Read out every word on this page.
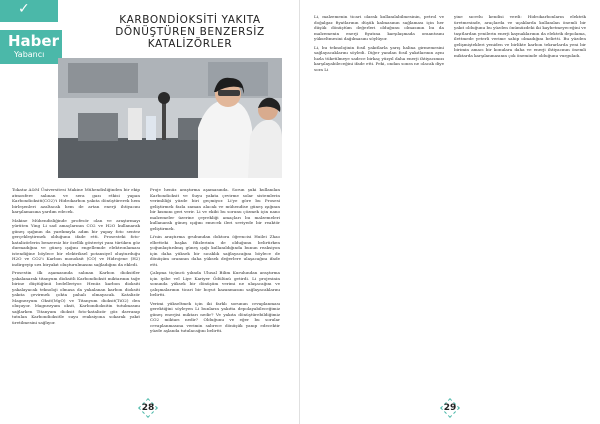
✓
Haber
Yabancı
KARBONDİOKSİTİ YAKITA
DÖNÜŞTÜREN BENZERSİZ
KATALİZÖRLER

Tokatız A&M Üniversitesi Makine Mühendisliğinden bir ekip atmosfere salınan ve sera gazı etkisi yapan Karbondioksiti(CO2)'i Hidrokarbon yakıta dönüştürerek hem birleşenleri azaltacak hem de artan enerji ihtiyacını karşılamasına yardım edecek.

Makine Mühendisliğinde profesör olan ve araştırmayı yürüten Ying Li sad amaçlarının CO2 ve H2O kullanarak güneş ışığının da yardımıyla adım bir yapay foto sentez gerçekleştirmek olduğunu ifade etti. Prosesteki foto-katalizörlerin benzersiz bir özellik gösteriyi yanı türüken göz durmadığını ve güneş ışığını engellemde elektronlaması istendiğine böylece bir elektriksel potansiyel oluşturduğu H2O ve CO2'i Karbon monoksit (CO) ve Hidrojene (H2) indirgeyip sıvı biryakıt oluşturulmasını sağladığını da ekledi.

Prosestin ilk aşamasında salınan Karbon dioksitler yakalanarak titanyum dioksitli Karbondioksit miktarının tağe birine düştüğünü bedelleriyor. Henüz karbon dioksiti yakalayacak teknoloji olmasa da yakalanan karbon dioksiti yakıta çevirmek çokta pahalı olmayacak. Katalizör Magnezyum Oksit(MgO) ve Titanyum dioksit(TiO2) den oluşuyor. Magnezyum oksit, Karbondioksitin tutulmasını sağlarken Titanyum dioksit foto-katalizör göz davranıp tutulan Karbondioksitle suyu reaksiyona sokarak yakıt üretilmesini sağlıyor.

Proje henüz araştırma aşamasında. Sorun şuki kullanılan Karbondioksit ve Suyu yakıta çevirme solar sistemlerin verimliliği yüzde biri geçmiyor. Li'ye göre bu Prosesi geliştirmek fazla zaman alacak ve mühendise güneş ışığının bir kısmını geri verir. Li ve ekibi bu sorunu çözmek için nano malzemeler üzerine çeyrekliği amaçları bu malzemeleri kullanarak güneş ışığını emecek ileri seviyede bir reaktör geliştirmek.

Li'nin araştırma grubundan doktora öğrencisi Huilei Zhao elbetteki başka filizlerinin de olduğunu belirtirken yoğunlaştırılmış güneş ışığı kullanıldığında bunun reaksiyon için daha yüksek bir sıcaklık sağlayacağını böylece de dönüşüm oranının daha yüksek değerlere ulaşacağını ifade etti.

Çalışma tiçüncü yılında Ulusal Bilim Kurulundan araştırma için iyibe vel Liye Kariyer Ödülünü getirdi. Li projesinin sonunda yüksek bir dönüşüm verimi ne ulaşacağını ve çalışmalarının ticari bir boyut kazanmasını sağlayacaklarını belirtti.

Verimi yükseltmek için iki farklı sorunun cevaplanması gerektiğini söyleyen Li bunların yakıtta depolayabileceğimiz güneş enerjisi miktarı nedir? Ve yakıta dönüştürebildiğimiz CO2 miktarı nedir? Olduğunu ve eğer bu sorular cevaplanmasına verimin sabrece dönüşük yanıp edecektir yüzde aşlanda tutulacağını belirtti.

28

Li, malzemenin ticari olarak kullanılabilmesinin, petrol ve doğalgaz fiyatlarının düşük kalmasının sağlaması için her düşük dönüştüm değerleri olduğunu olmasının bu da malzemenin enerji fiyatına karşılaşmada oraantısını yükseltmesini dağılmasını söylüyor.

Li, bu teknolojinin fosil yakıtlarla yarış halina girmemesini sağlayacaklarını söyledi. Diğer yandan fosil yakıtlarının aynı hızla tüketilmeye sadece birkaç yüzyıl daha enerji ihtiyacımızı karşılayabileceğini ifade etti. Peki, ondan sonra ne olacak diye sora Li

yine sıcrelu kendisi verdi: Hidrokarbonların elektrik üretmesinde, araçlarda ve uçaklarda kullanılan önemli bir yakıt olduğunu bu yüzden önümüzdeki iki kaybetmeyeceğini ve taşıtlardan yenilerin enerji kaynaklarının da elektrik depolama, ilettmede yeterli verime sahip olmadığını belirtti. Bu yüzden gelişmiştekleri yeniden ve birlikte karbon tekrarlarda yeni bir birimin amacı bir konulara daha ve enerji ihtiyacının önemli miktarda karşılanmasının çok öneminde olduğunu vurguladı.

29
